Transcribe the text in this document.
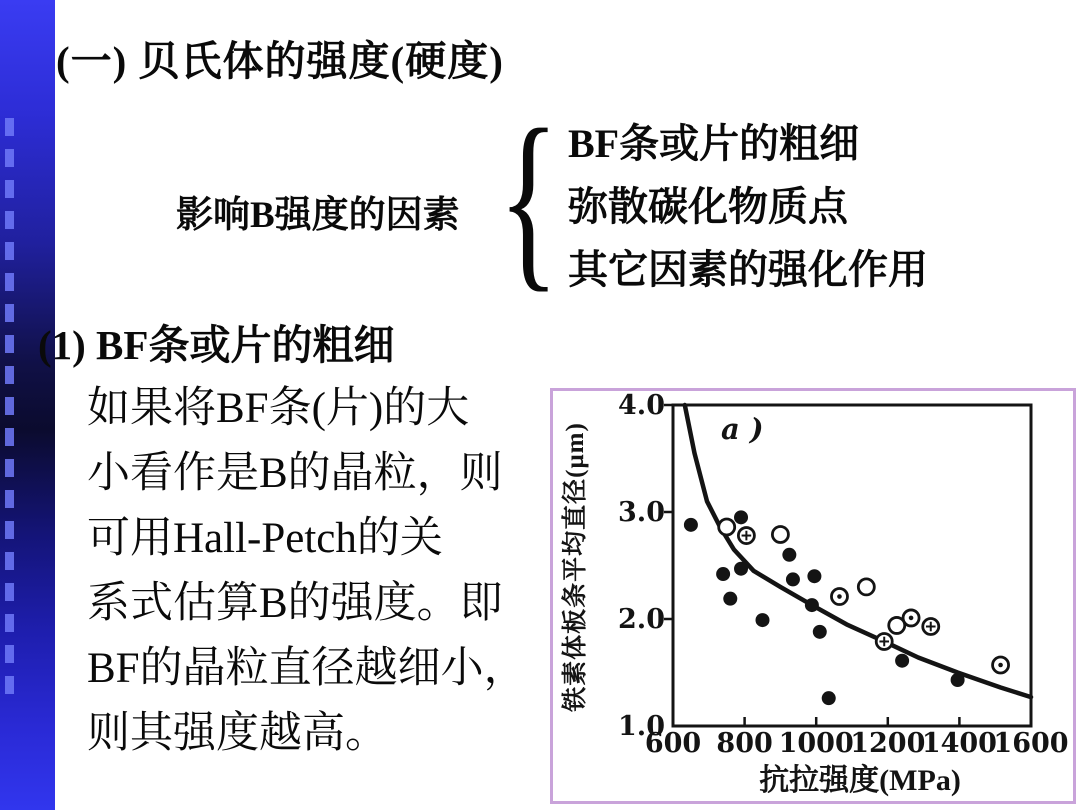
(一) 贝氏体的强度(硬度)
影响B强度的因素 { BF条或片的粗细
弥散碳化物质点
其它因素的强化作用
(1) BF条或片的粗细
如果将BF条(片)的大
小看作是B的晶粒，则
可用Hall-Petch的关
系式估算B的强度。即
BF的晶粒直径越细小，
则其强度越高。	600 800 1000
1200
1400
1600
1.0
2.0
3.0
4.0
抗拉强度(MPa)
铁素体板条平均直径(μm)	a )
